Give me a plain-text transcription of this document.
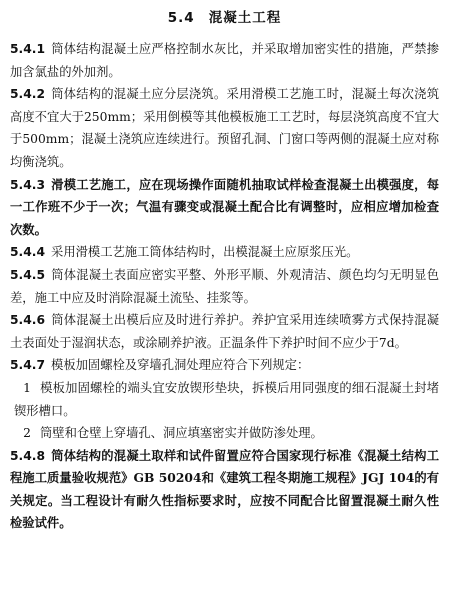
5.4 混凝土工程

5.4.1 筒体结构混凝土应严格控制水灰比，并采取增加密实性的措施，严禁掺加含氯盐的外加剂。

5.4.2 筒体结构的混凝土应分层浇筑。采用滑模工艺施工时，混凝土每次浇筑高度不宜大于250mm；采用倒模等其他模板施工工艺时，每层浇筑高度不宜大于500mm；混凝土浇筑应连续进行。预留孔洞、门窗口等两侧的混凝土应对称均衡浇筑。

5.4.3 滑模工艺施工，应在现场操作面随机抽取试样检查混凝土出模强度，每一工作班不少于一次；气温有骤变或混凝土配合比有调整时，应相应增加检查次数。

5.4.4 采用滑模工艺施工筒体结构时，出模混凝土应原浆压光。

5.4.5 筒体混凝土表面应密实平整、外形平顺、外观清洁、颜色均匀无明显色差，施工中应及时消除混凝土流坠、挂浆等。

5.4.6 筒体混凝土出模后应及时进行养护。养护宜采用连续喷雾方式保持混凝土表面处于湿润状态，或涂刷养护液。正温条件下养护时间不应少于7d。

5.4.7 模板加固螺栓及穿墙孔洞处理应符合下列规定：

1 模板加固螺栓的端头宜安放锲形垫块，拆模后用同强度的细石混凝土封堵锲形槽口。

2 筒壁和仓壁上穿墙孔、洞应填塞密实并做防渗处理。

5.4.8 筒体结构的混凝土取样和试件留置应符合国家现行标准《混凝土结构工程施工质量验收规范》GB 50204和《建筑工程冬期施工规程》JGJ 104的有关规定。当工程设计有耐久性指标要求时，应按不同配合比留置混凝土耐久性检验试件。
